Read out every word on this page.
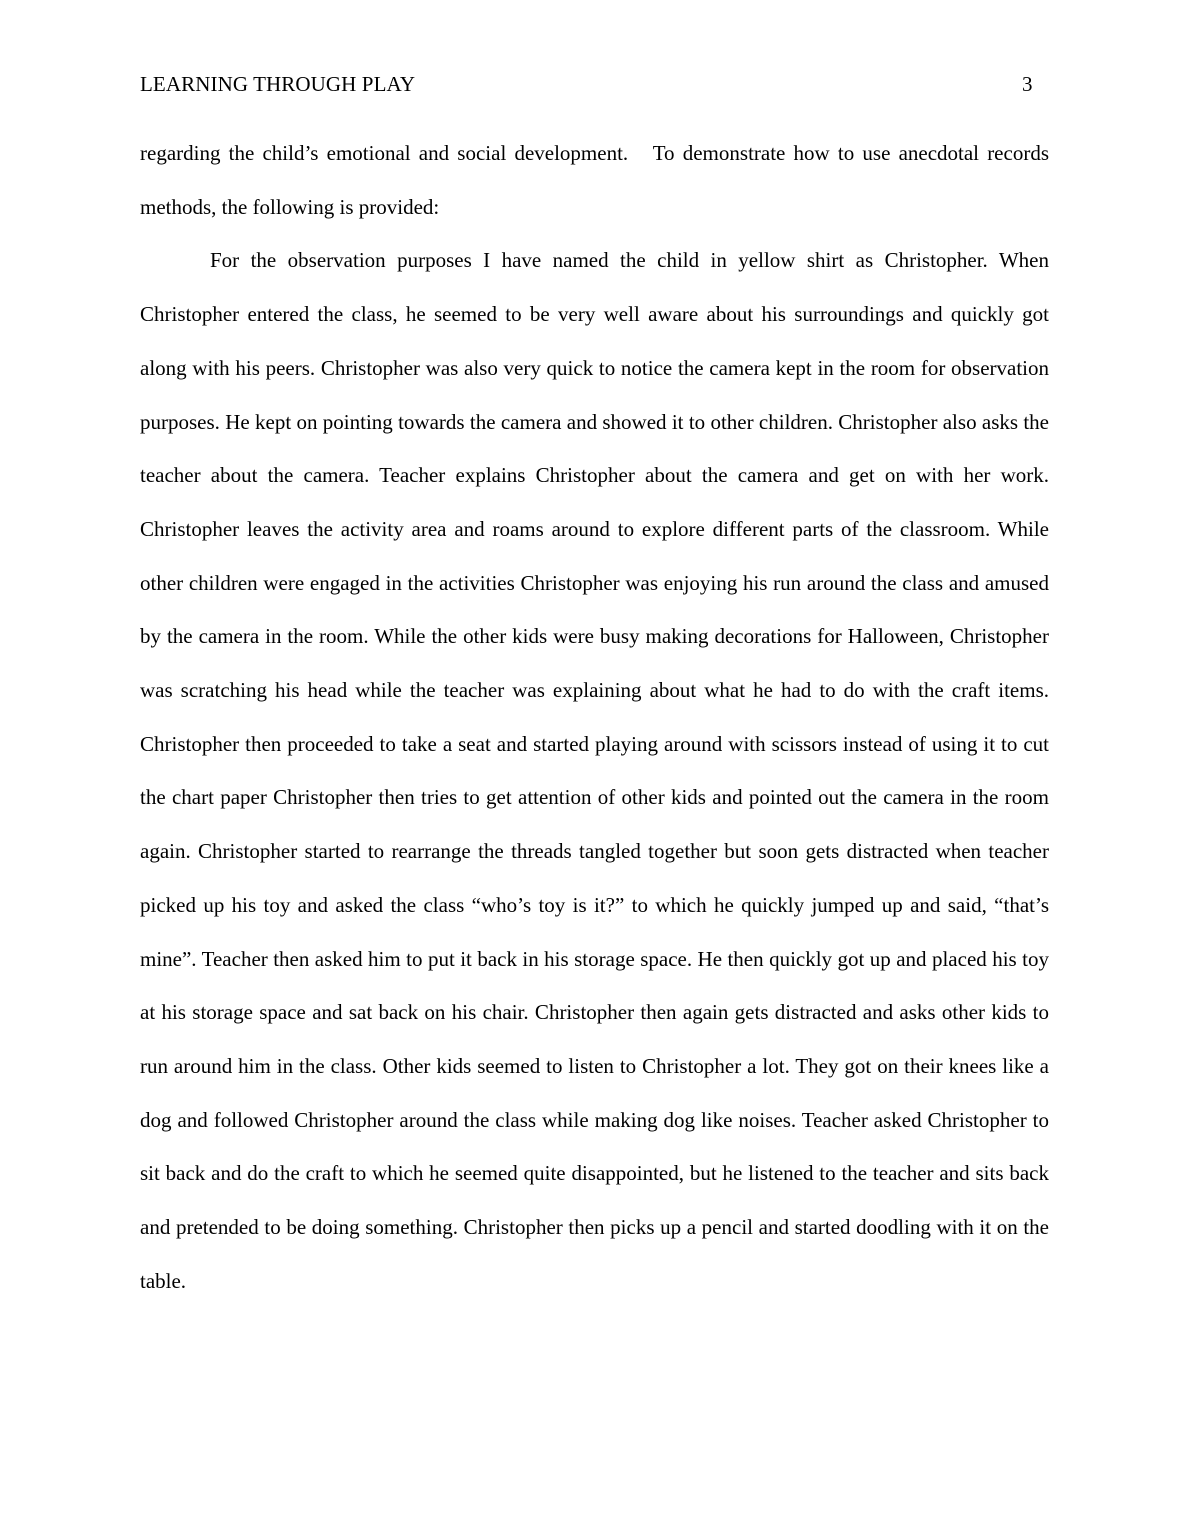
LEARNING THROUGH PLAY	3

regarding the child’s emotional and social development.   To demonstrate how to use anecdotal records methods, the following is provided:

For the observation purposes I have named the child in yellow shirt as Christopher. When Christopher entered the class, he seemed to be very well aware about his surroundings and quickly got along with his peers. Christopher was also very quick to notice the camera kept in the room for observation purposes. He kept on pointing towards the camera and showed it to other children. Christopher also asks the teacher about the camera. Teacher explains Christopher about the camera and get on with her work. Christopher leaves the activity area and roams around to explore different parts of the classroom. While other children were engaged in the activities Christopher was enjoying his run around the class and amused by the camera in the room. While the other kids were busy making decorations for Halloween, Christopher was scratching his head while the teacher was explaining about what he had to do with the craft items. Christopher then proceeded to take a seat and started playing around with scissors instead of using it to cut the chart paper Christopher then tries to get attention of other kids and pointed out the camera in the room again. Christopher started to rearrange the threads tangled together but soon gets distracted when teacher picked up his toy and asked the class “who’s toy is it?” to which he quickly jumped up and said, “that’s mine”. Teacher then asked him to put it back in his storage space. He then quickly got up and placed his toy at his storage space and sat back on his chair. Christopher then again gets distracted and asks other kids to run around him in the class. Other kids seemed to listen to Christopher a lot. They got on their knees like a dog and followed Christopher around the class while making dog like noises. Teacher asked Christopher to sit back and do the craft to which he seemed quite disappointed, but he listened to the teacher and sits back and pretended to be doing something. Christopher then picks up a pencil and started doodling with it on the table.
